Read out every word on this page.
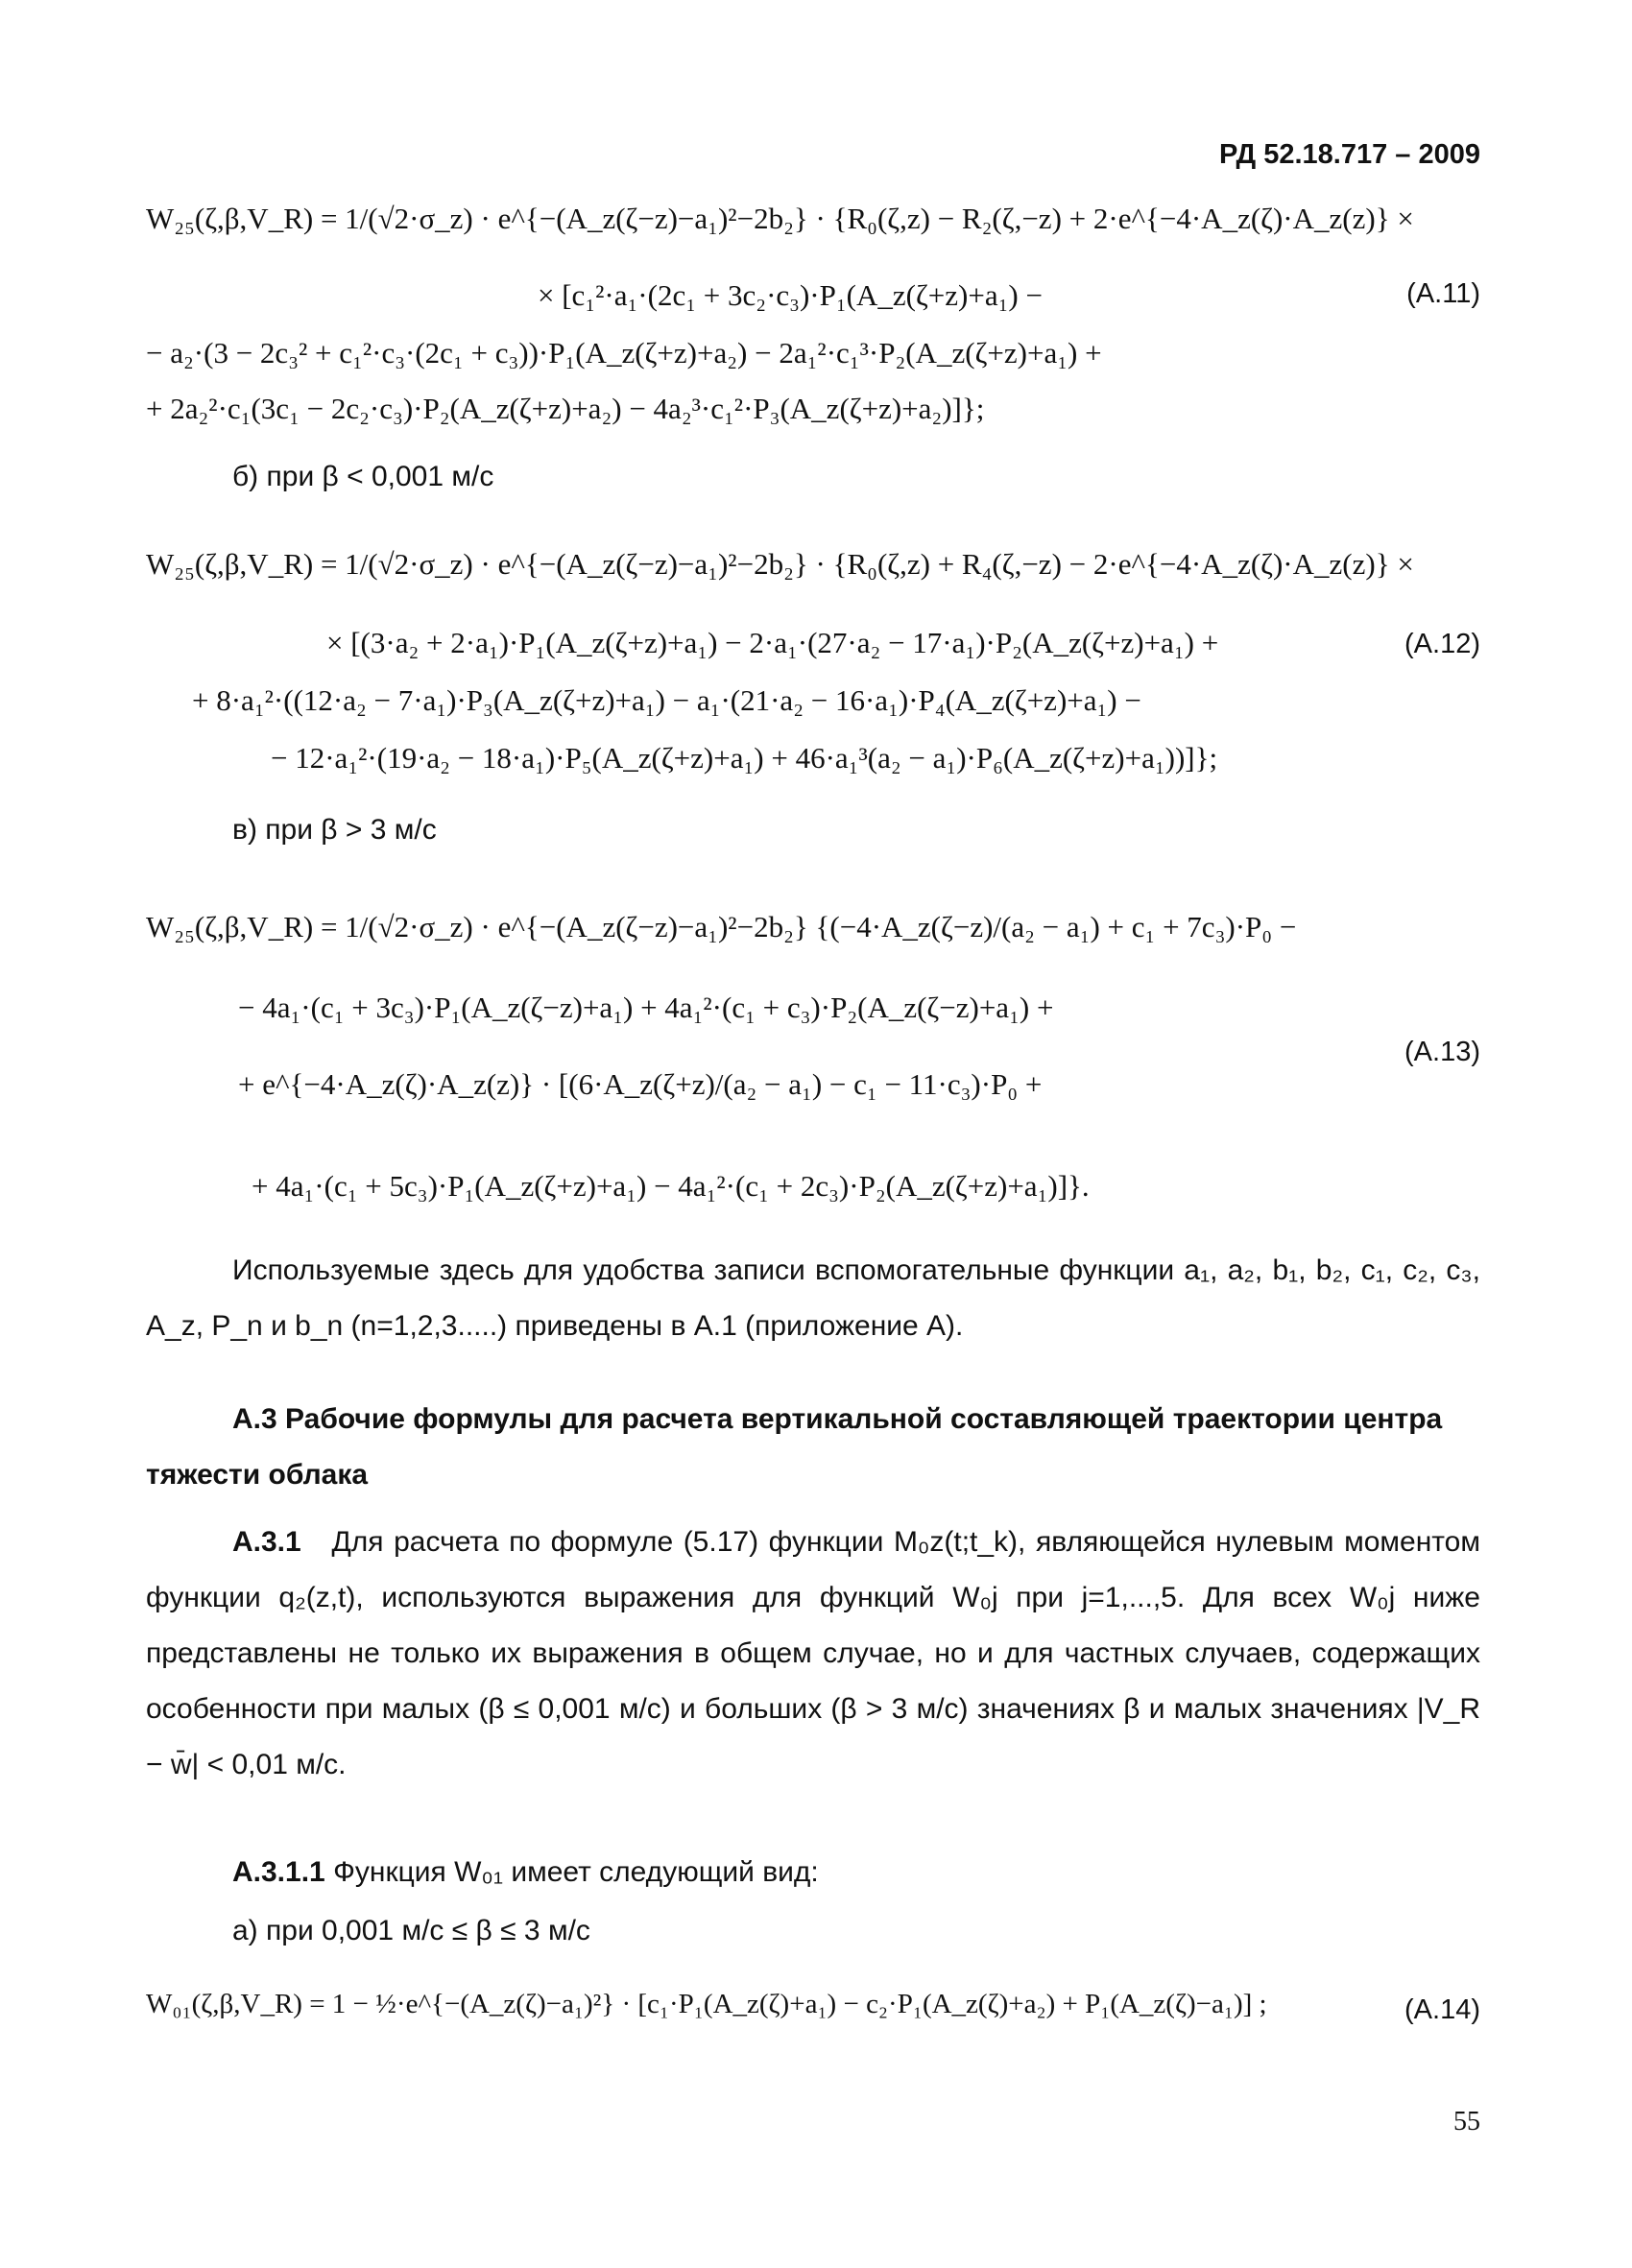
РД 52.18.717 – 2009
W₂₅(ζ,β,V_R) = 1/(√2·σ_z) · e^{−(A_z(ζ−z)−a₁)²−2b₂} · {R₀(ζ,z) − R₂(ζ,−z) + 2·e^{−4·A_z(ζ)·A_z(z)} ×
× [c₁²·a₁·(2c₁ + 3c₂·c₃)·P₁(A_z(ζ+z)+a₁) −	(A.11)
− a₂·(3 − 2c₃² + c₁²·c₃·(2c₁ + c₃))·P₁(A_z(ζ+z)+a₂) − 2a₁²·c₁³·P₂(A_z(ζ+z)+a₁) +
+ 2a₂²·c₁(3c₁ − 2c₂·c₃)·P₂(A_z(ζ+z)+a₂) − 4a₂³·c₁²·P₃(A_z(ζ+z)+a₂)]};
б) при β < 0,001 м/с
W₂₅(ζ,β,V_R) = 1/(√2·σ_z) · e^{−(A_z(ζ−z)−a₁)²−2b₂} · {R₀(ζ,z) + R₄(ζ,−z) − 2·e^{−4·A_z(ζ)·A_z(z)} ×
× [(3·a₂ + 2·a₁)·P₁(A_z(ζ+z)+a₁) − 2·a₁·(27·a₂ − 17·a₁)·P₂(A_z(ζ+z)+a₁) +	(A.12)
+ 8·a₁²·((12·a₂ − 7·a₁)·P₃(A_z(ζ+z)+a₁) − a₁·(21·a₂ − 16·a₁)·P₄(A_z(ζ+z)+a₁) −
− 12·a₁²·(19·a₂ − 18·a₁)·P₅(A_z(ζ+z)+a₁) + 46·a₁³(a₂ − a₁)·P₆(A_z(ζ+z)+a₁))]};
в) при β > 3 м/с
W₂₅(ζ,β,V_R) = 1/(√2·σ_z) · e^{−(A_z(ζ−z)−a₁)²−2b₂} {(−4·A_z(ζ−z)/(a₂ − a₁) + c₁ + 7c₃)·P₀ −
− 4a₁·(c₁ + 3c₃)·P₁(A_z(ζ−z)+a₁) + 4a₁²·(c₁ + c₃)·P₂(A_z(ζ−z)+a₁) +
(A.13)
+ e^{−4·A_z(ζ)·A_z(z)} · [(6·A_z(ζ+z)/(a₂ − a₁) − c₁ − 11·c₃)·P₀ +
+ 4a₁·(c₁ + 5c₃)·P₁(A_z(ζ+z)+a₁) − 4a₁²·(c₁ + 2c₃)·P₂(A_z(ζ+z)+a₁)]}.
Используемые здесь для удобства записи вспомогательные функции a₁, a₂, b₁, b₂, c₁, c₂, c₃, A_z, P_n и b_n (n=1,2,3.....) приведены в A.1 (приложение A).
А.3 Рабочие формулы для расчета вертикальной составляющей траектории центра тяжести облака
А.3.1 Для расчета по формуле (5.17) функции M₀z(t;t_k), являющейся нулевым моментом функции q₂(z,t), используются выражения для функций W₀j при j=1,...,5. Для всех W₀j ниже представлены не только их выражения в общем случае, но и для частных случаев, содержащих особенности при малых (β ≤ 0,001 м/с) и больших (β > 3 м/с) значениях β и малых значениях |V_R − w̄| < 0,01 м/с.
А.3.1.1 Функция W₀₁ имеет следующий вид:
а) при 0,001 м/с ≤ β ≤ 3 м/с
W₀₁(ζ,β,V_R) = 1 − ½·e^{−(A_z(ζ)−a₁)²} · [c₁·P₁(A_z(ζ)+a₁) − c₂·P₁(A_z(ζ)+a₂) + P₁(A_z(ζ)−a₁)] ;	(A.14)
55
